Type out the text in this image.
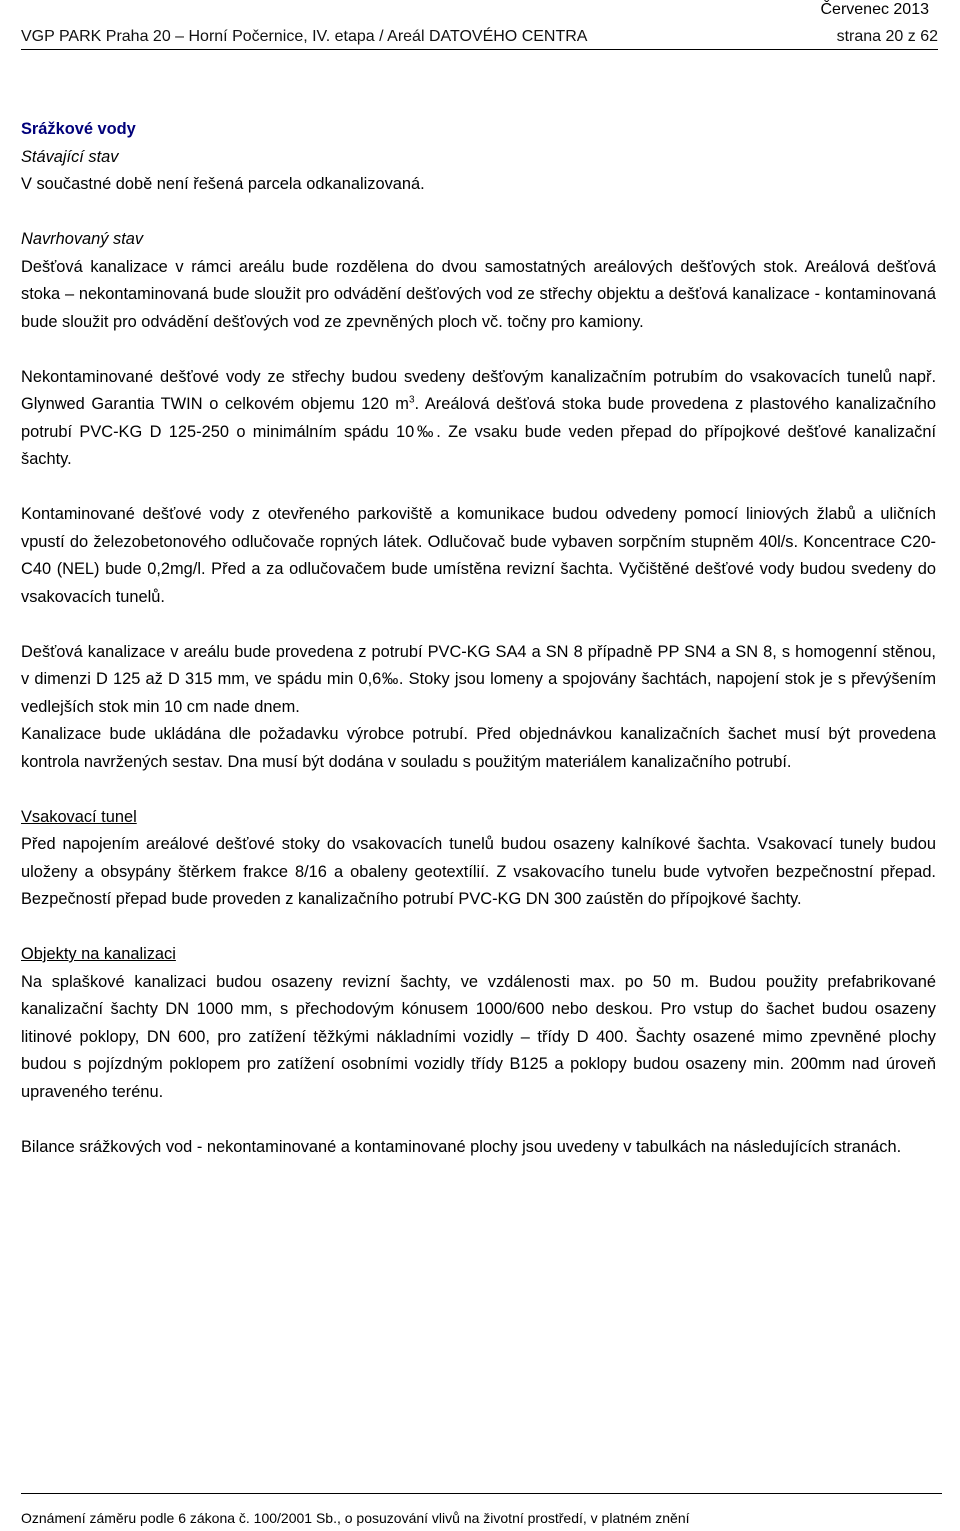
Červenec 2013
VGP PARK Praha 20 – Horní Počernice, IV. etapa / Areál DATOVÉHO CENTRA	strana 20 z 62

Srážkové vody

Stávající stav

V součastné době není řešená parcela odkanalizovaná.

Navrhovaný stav

Dešťová kanalizace v rámci areálu bude rozdělena do dvou samostatných areálových dešťových stok. Areálová dešťová stoka – nekontaminovaná bude sloužit pro odvádění dešťových vod ze střechy objektu a dešťová kanalizace - kontaminovaná bude sloužit pro odvádění dešťových vod ze zpevněných ploch vč. točny pro kamiony.

Nekontaminované dešťové vody ze střechy budou svedeny dešťovým kanalizačním potrubím do vsakovacích tunelů např. Glynwed Garantia TWIN o celkovém objemu 120 $m^3$. Areálová dešťová stoka bude provedena z plastového kanalizačního potrubí PVC-KG D 125-250 o minimálním spádu 10‰. Ze vsaku bude veden přepad do přípojkové dešťové kanalizační šachty.

Kontaminované dešťové vody z otevřeného parkoviště a komunikace budou odvedeny pomocí liniových žlabů a uličních vpustí do železobetonového odlučovače ropných látek. Odlučovač bude vybaven sorpčním stupněm 40l/s. Koncentrace C20-C40 (NEL) bude 0,2mg/l. Před a za odlučovačem bude umístěna revizní šachta. Vyčištěné dešťové vody budou svedeny do vsakovacích tunelů.

Dešťová kanalizace v areálu bude provedena z potrubí PVC-KG SA4 a SN 8 případně PP SN4 a SN 8, s homogenní stěnou, v dimenzi D 125 až D 315 mm, ve spádu min 0,6‰. Stoky jsou lomeny a spojovány šachtách, napojení stok je s převýšením vedlejších stok min 10 cm nade dnem.

Kanalizace bude ukládána dle požadavku výrobce potrubí. Před objednávkou kanalizačních šachet musí být provedena kontrola navržených sestav. Dna musí být dodána v souladu s použitým materiálem kanalizačního potrubí.

Vsakovací tunel

Před napojením areálové dešťové stoky do vsakovacích tunelů budou osazeny kalníkové šachta. Vsakovací tunely budou uloženy a obsypány štěrkem frakce 8/16 a obaleny geotextílií. Z vsakovacího tunelu bude vytvořen bezpečnostní přepad. Bezpečností přepad bude proveden z kanalizačního potrubí PVC-KG DN 300 zaústěn do přípojkové šachty.

Objekty na kanalizaci

Na splaškové kanalizaci budou osazeny revizní šachty, ve vzdálenosti max. po 50 m. Budou použity prefabrikované kanalizační šachty DN 1000 mm, s přechodovým kónusem 1000/600 nebo deskou. Pro vstup do šachet budou osazeny litinové poklopy, DN 600, pro zatížení těžkými nákladními vozidly – třídy D 400. Šachty osazené mimo zpevněné plochy budou s pojízdným poklopem pro zatížení osobními vozidly třídy B125 a poklopy budou osazeny min. 200mm nad úroveň upraveného terénu.

Bilance srážkových vod - nekontaminované a kontaminované plochy jsou uvedeny v tabulkách na následujících stranách.

Oznámení záměru podle 6 zákona č. 100/2001 Sb., o posuzování vlivů na životní prostředí, v platném znění
